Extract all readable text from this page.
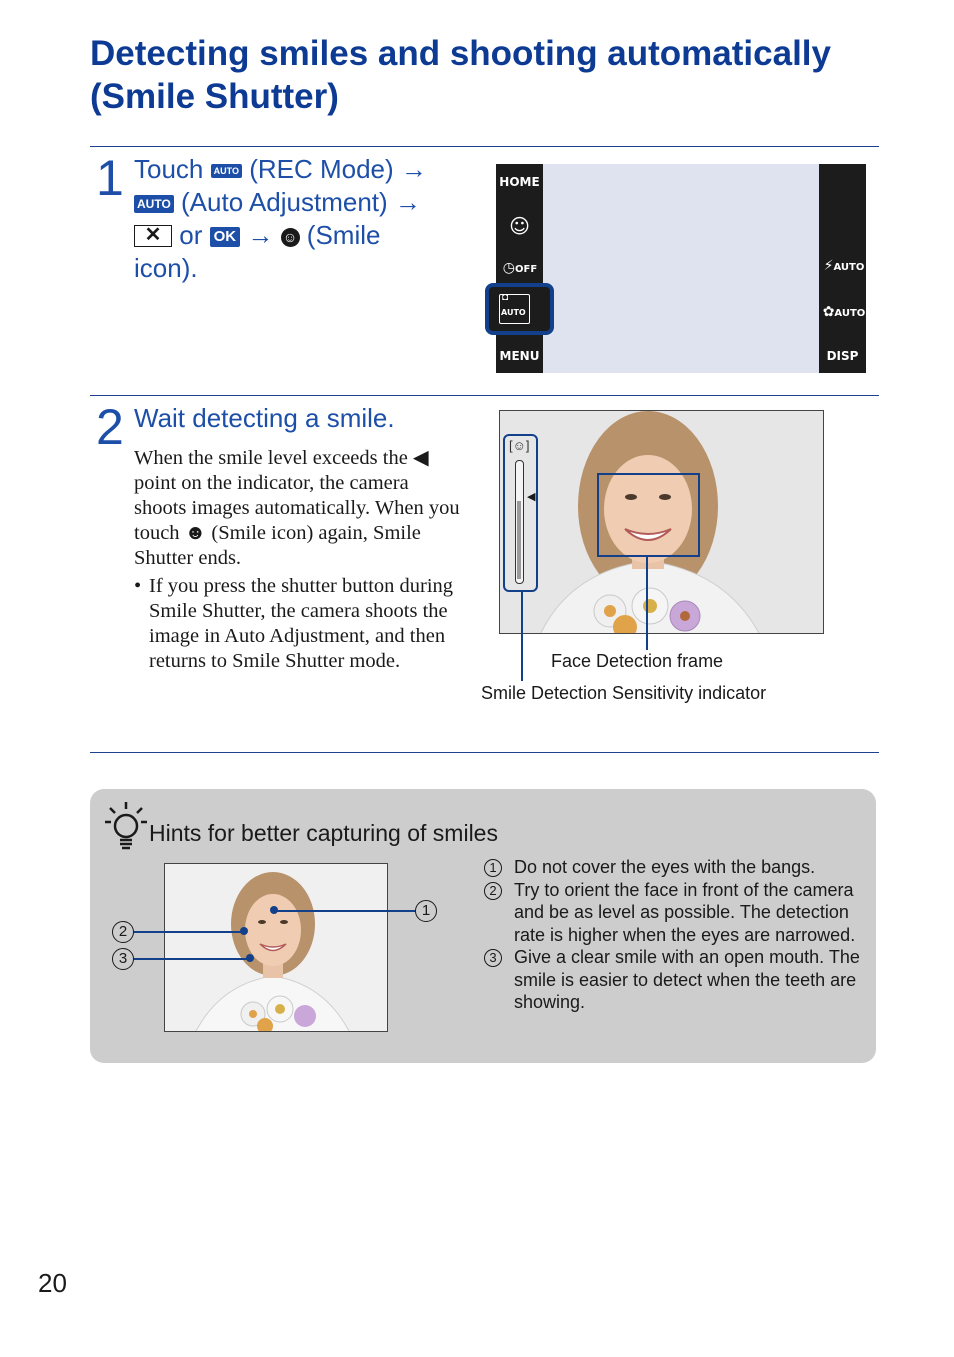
Detecting smiles and shooting automatically (Smile Shutter)
1 Touch AUTO (REC Mode) →
AUTO (Auto Adjustment) →
✕ or OK → ☺ (Smile
icon).
HOME
☺
◷OFF
MENU
◘
AUTO
⚡AUTO
✿AUTO
DISP
2 Wait detecting a smile.
When the smile level exceeds the ◀ point on the indicator, the camera shoots images automatically. When you touch ☻ (Smile icon) again, Smile Shutter ends.
• If you press the shutter button during Smile Shutter, the camera shoots the image in Auto Adjustment, and then returns to Smile Shutter mode.
[☺]
◀
Face Detection frame
Smile Detection Sensitivity indicator
Hints for better capturing of smiles
1
2
3
1 Do not cover the eyes with the bangs.
2 Try to orient the face in front of the camera and be as level as possible. The detection rate is higher when the eyes are narrowed.
3 Give a clear smile with an open mouth. The smile is easier to detect when the teeth are showing.
20
